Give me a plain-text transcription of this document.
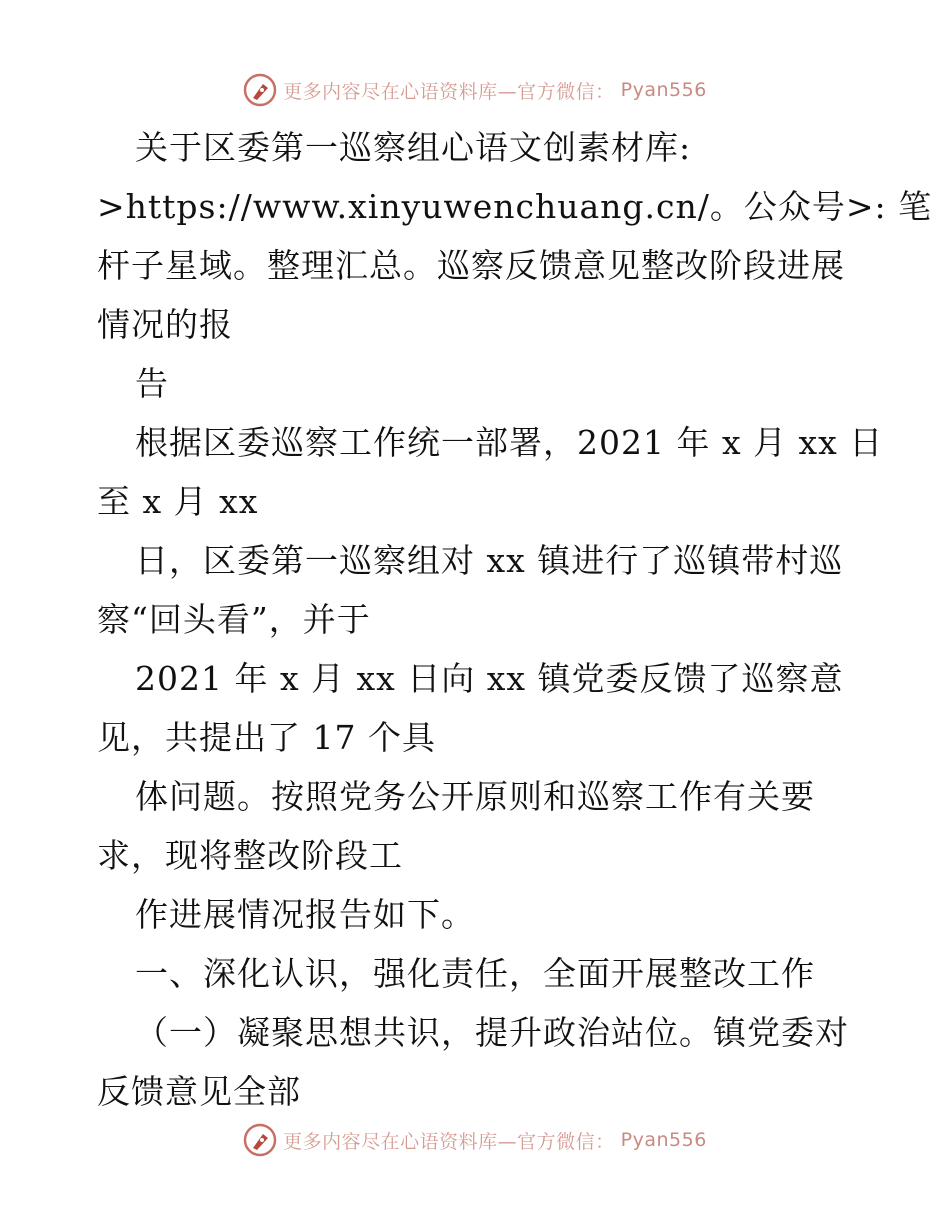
更多内容尽在心语资料库—官方微信： Pyan556
关于区委第一巡察组心语文创素材库:
>https://www.xinyuwenchuang.cn/。公众号>: 笔
杆子星域。整理汇总。巡察反馈意见整改阶段进展
情况的报
告
根据区委巡察工作统一部署，2021 年 x 月 xx 日
至 x 月 xx
日，区委第一巡察组对 xx 镇进行了巡镇带村巡
察“回头看”，并于
2021 年 x 月 xx 日向 xx 镇党委反馈了巡察意
见，共提出了 17 个具
体问题。按照党务公开原则和巡察工作有关要
求，现将整改阶段工
作进展情况报告如下。
一、深化认识，强化责任，全面开展整改工作
（一）凝聚思想共识，提升政治站位。镇党委对
反馈意见全部
更多内容尽在心语资料库—官方微信： Pyan556
